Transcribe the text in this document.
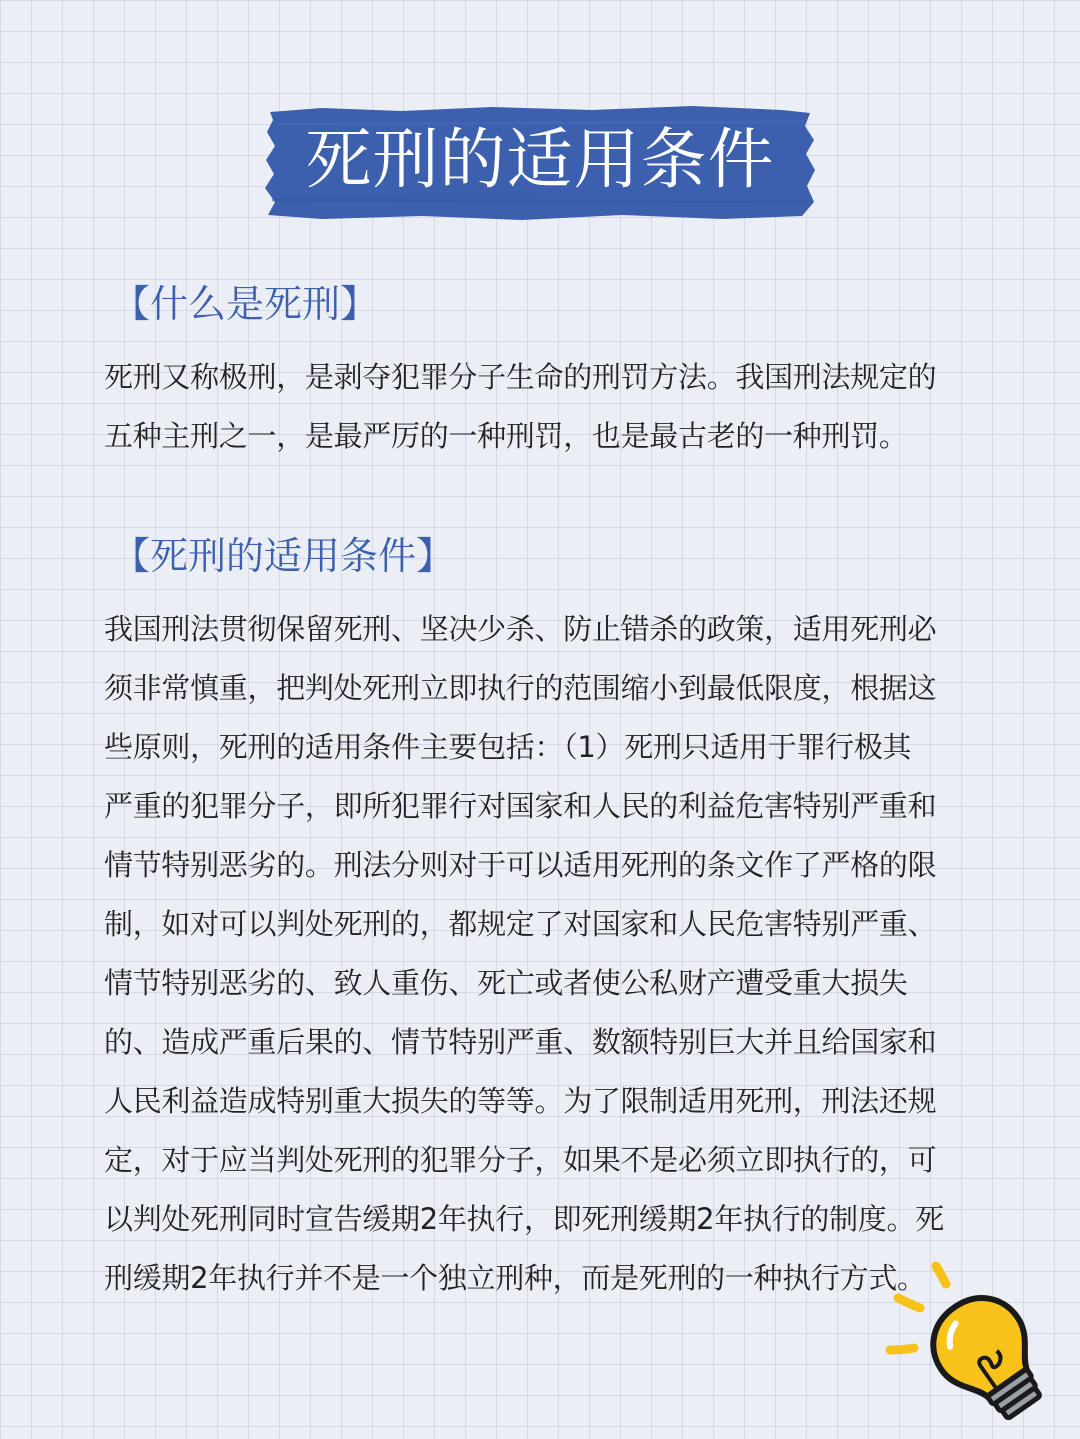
死刑的适用条件
【什么是死刑】
死刑又称极刑，是剥夺犯罪分子生命的刑罚方法。我国刑法规定的
五种主刑之一，是最严厉的一种刑罚，也是最古老的一种刑罚。
【死刑的适用条件】
我国刑法贯彻保留死刑、坚决少杀、防止错杀的政策，适用死刑必
须非常慎重，把判处死刑立即执行的范围缩小到最低限度，根据这
些原则，死刑的适用条件主要包括：（1）死刑只适用于罪行极其
严重的犯罪分子，即所犯罪行对国家和人民的利益危害特别严重和
情节特别恶劣的。刑法分则对于可以适用死刑的条文作了严格的限
制，如对可以判处死刑的，都规定了对国家和人民危害特别严重、
情节特别恶劣的、致人重伤、死亡或者使公私财产遭受重大损失
的、造成严重后果的、情节特别严重、数额特别巨大并且给国家和
人民利益造成特别重大损失的等等。为了限制适用死刑，刑法还规
定，对于应当判处死刑的犯罪分子，如果不是必须立即执行的，可
以判处死刑同时宣告缓期2年执行，即死刑缓期2年执行的制度。死
刑缓期2年执行并不是一个独立刑种，而是死刑的一种执行方式。
